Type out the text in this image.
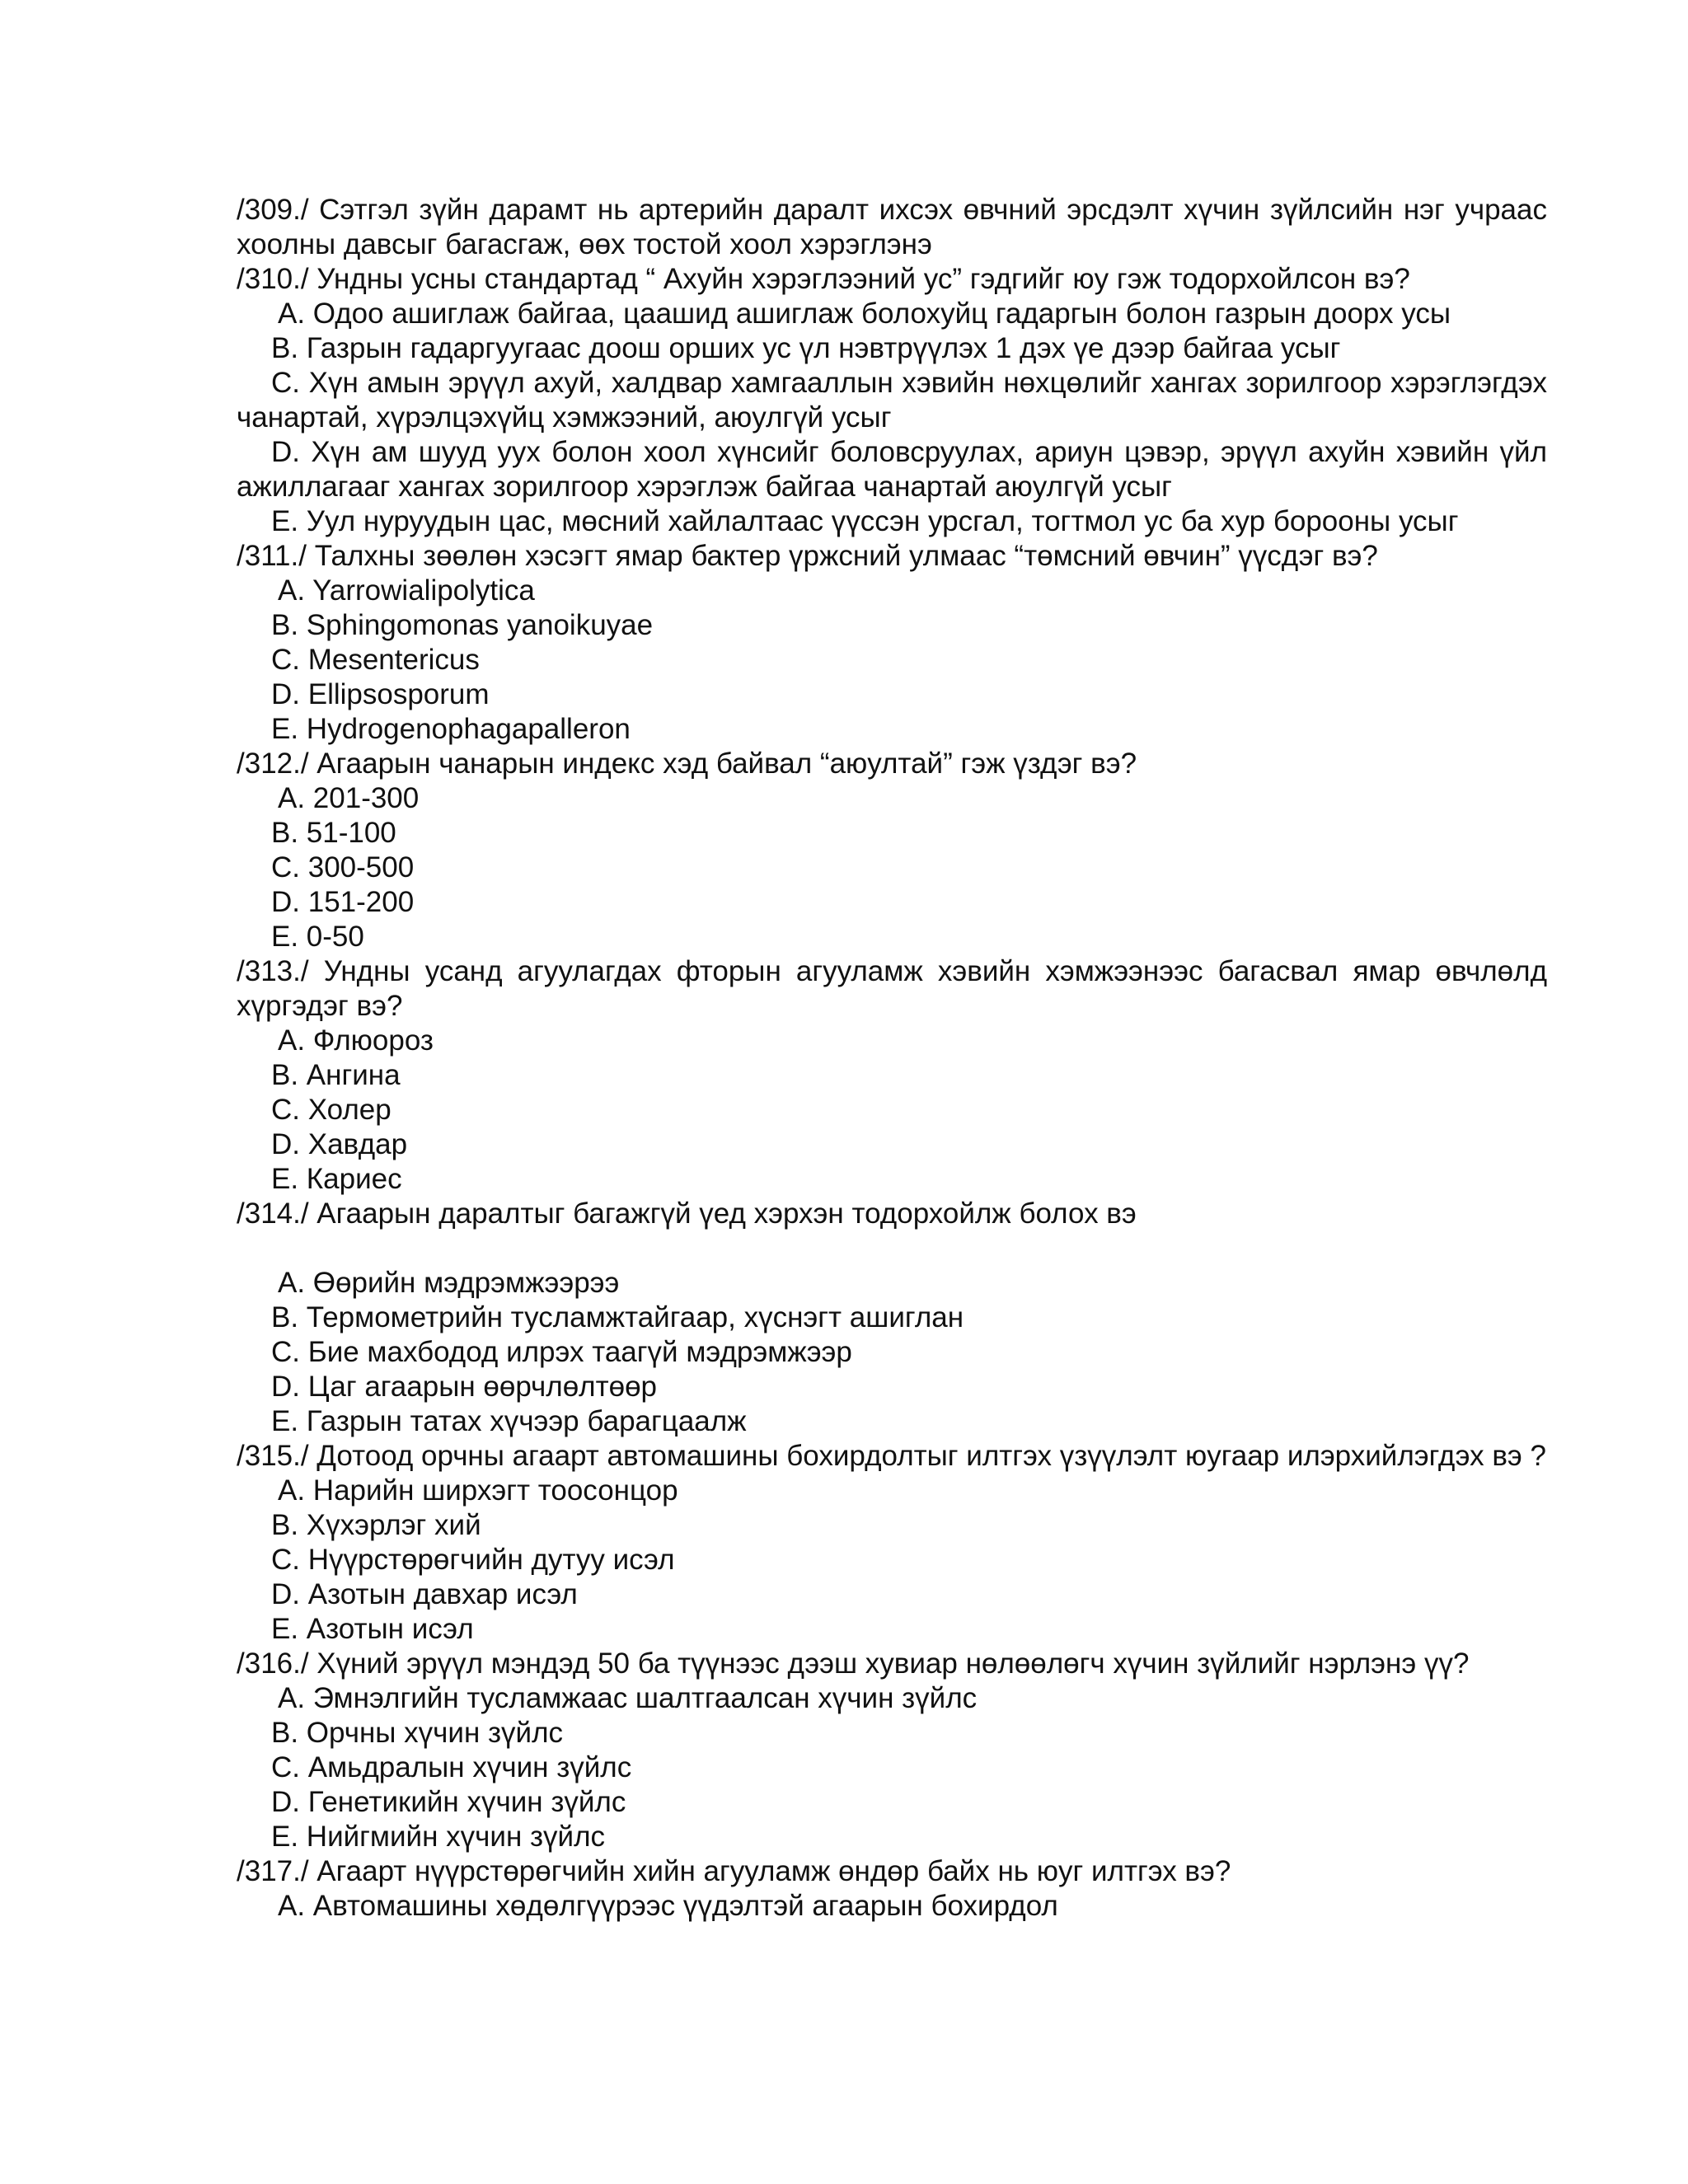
/309./ Сэтгэл зүйн дарамт нь артерийн даралт ихсэх өвчний эрсдэлт хүчин зүйлсийн нэг учраас хоолны давсыг багасгаж, өөх тостой хоол хэрэглэнэ
/310./ Ундны усны стандартад “ Ахуйн хэрэглээний ус” гэдгийг юу гэж тодорхойлсон вэ?
A. Одоо ашиглаж байгаа, цаашид ашиглаж болохуйц гадаргын болон газрын доорх усы
B. Газрын гадаргуугаас доош орших ус үл нэвтрүүлэх 1 дэх үе дээр байгаа усыг
C. Хүн амын эрүүл ахуй, халдвар хамгааллын хэвийн нөхцөлийг хангах зорилгоор хэрэглэгдэх чанартай, хүрэлцэхүйц хэмжээний, аюулгүй усыг
D. Хүн ам шууд уух болон хоол хүнсийг боловсруулах, ариун цэвэр, эрүүл ахуйн хэвийн үйл ажиллагааг хангах зорилгоор хэрэглэж байгаа чанартай аюулгүй усыг
E. Уул нуруудын цас, мөсний хайлалтаас үүссэн урсгал, тогтмол ус ба хур борооны усыг
/311./ Талхны зөөлөн хэсэгт ямар бактер үржсний улмаас “төмсний өвчин” үүсдэг вэ?
A. Yarrowialipolytica
B. Sphingomonas yanoikuyae
C. Mesentericus
D. Ellipsosporum
E. Hydrogenophagapalleron
/312./ Агаарын чанарын индекс хэд байвал “аюултай” гэж үздэг вэ?
A. 201-300
B. 51-100
C. 300-500
D. 151-200
E. 0-50
/313./ Ундны усанд агуулагдах фторын агууламж хэвийн хэмжээнээс багасвал ямар өвчлөлд хүргэдэг вэ?
A. Флюороз
B. Ангина
C. Холер
D. Хавдар
E. Кариес
/314./ Агаарын даралтыг багажгүй үед хэрхэн тодорхойлж болох вэ
A. Өөрийн мэдрэмжээрээ
B. Термометрийн тусламжтайгаар, хүснэгт ашиглан
C. Бие махбодод илрэх таагүй мэдрэмжээр
D. Цаг агаарын өөрчлөлтөөр
E. Газрын татах хүчээр барагцаалж
/315./ Дотоод орчны агаарт автомашины бохирдолтыг илтгэх үзүүлэлт юугаар илэрхийлэгдэх вэ ?
A. Нарийн ширхэгт тоосонцор
B. Хүхэрлэг хий
C. Нүүрстөрөгчийн дутуу исэл
D. Азотын давхар исэл
E. Азотын исэл
/316./ Хүний эрүүл мэндэд 50 ба түүнээс дээш хувиар нөлөөлөгч хүчин зүйлийг нэрлэнэ үү?
A. Эмнэлгийн тусламжаас шалтгаалсан хүчин зүйлс
B. Орчны хүчин зүйлс
C. Амьдралын хүчин зүйлс
D. Генетикийн хүчин зүйлс
E. Нийгмийн хүчин зүйлс
/317./ Агаарт нүүрстөрөгчийн хийн агууламж өндөр байх нь юуг илтгэх вэ?
A. Автомашины хөдөлгүүрээс үүдэлтэй агаарын бохирдол
